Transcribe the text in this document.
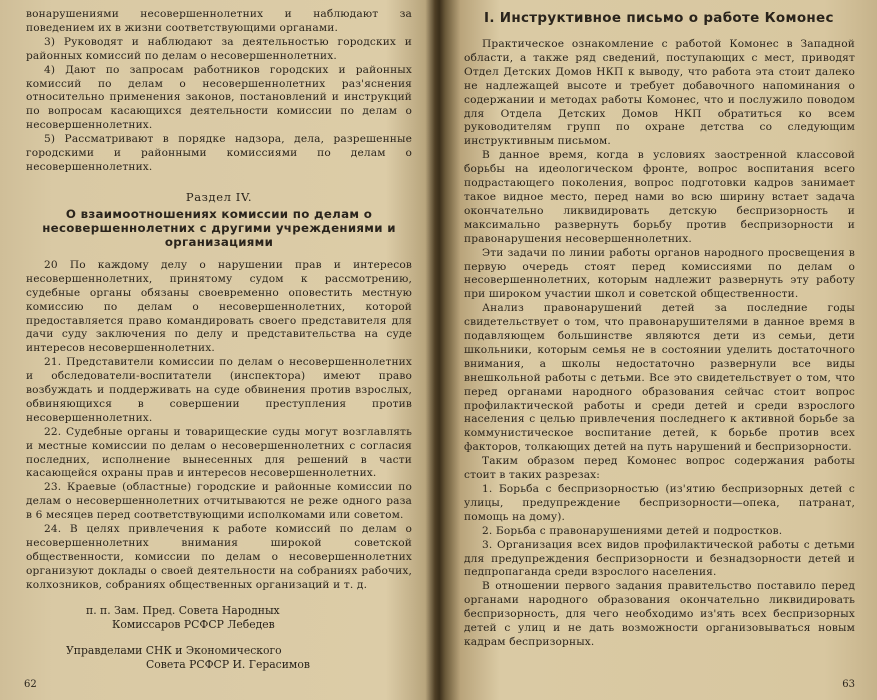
вонарушениями несовершеннолетних и наблюдают за поведением их в жизни соответствующими органами.

3) Руководят и наблюдают за деятельностью городских и районных комиссий по делам о несовершеннолетних.

4) Дают по запросам работников городских и районных комиссий по делам о несовершеннолетних раз'яснения относительно применения законов, постановлений и инструкций по вопросам касающихся деятельности комиссии по делам о несовершеннолетних.

5) Рассматривают в порядке надзора, дела, разрешенные городскими и районными комиссиями по делам о несовершеннолетних.

Раздел IV.
О взаимоотношениях комиссии по делам о несовершеннолетних с другими учреждениями и организациями

20 По каждому делу о нарушении прав и интересов несовершеннолетних, принятому судом к рассмотрению, судебные органы обязаны своевременно оповестить местную комиссию по делам о несовершеннолетних, которой предоставляется право командировать своего представителя для дачи суду заключения по делу и представительства на суде интересов несовершеннолетних.

21. Представители комиссии по делам о несовершеннолетних и обследователи-воспитатели (инспектора) имеют право возбуждать и поддерживать на суде обвинения против взрослых, обвиняющихся в совершении преступления против несовершеннолетних.

22. Судебные органы и товарищеские суды могут возглавлять и местные комиссии по делам о несовершеннолетних с согласия последних, исполнение вынесенных для решений в части касающейся охраны прав и интересов несовершеннолетних.

23. Краевые (областные) городские и районные комиссии по делам о несовершеннолетних отчитываются не реже одного раза в 6 месяцев перед соответствующими исполкомами или советом.

24. В целях привлечения к работе комиссий по делам о несовершеннолетних внимания широкой советской общественности, комиссии по делам о несовершеннолетних организуют доклады о своей деятельности на собраниях рабочих, колхозников, собраниях общественных организаций и т. д.

п. п. Зам. Пред. Совета Народных
Комиссаров РСФСР Лебедев
Управделами СНК и Экономического
Совета РСФСР И. Герасимов
62
I. Инструктивное письмо о работе Комонес

Практическое ознакомление с работой Комонес в Западной области, а также ряд сведений, поступающих с мест, приводят Отдел Детских Домов НКП к выводу, что работа эта стоит далеко не надлежащей высоте и требует добавочного напоминания о содержании и методах работы Комонес, что и послужило поводом для Отдела Детских Домов НКП обратиться ко всем руководителям групп по охране детства со следующим инструктивным письмом.

В данное время, когда в условиях заостренной классовой борьбы на идеологическом фронте, вопрос воспитания всего подрастающего поколения, вопрос подготовки кадров занимает такое видное место, перед нами во всю ширину встает задача окончательно ликвидировать детскую беспризорность и максимально развернуть борьбу против беспризорности и правонарушения несовершеннолетних.

Эти задачи по линии работы органов народного просвещения в первую очередь стоят перед комиссиями по делам о несовершеннолетних, которым надлежит развернуть эту работу при широком участии школ и советской общественности.

Анализ правонарушений детей за последние годы свидетельствует о том, что правонарушителями в данное время в подавляющем большинстве являются дети из семьи, дети школьники, которым семья не в состоянии уделить достаточного внимания, а школы недостаточно развернули все виды внешкольной работы с детьми. Все это свидетельствует о том, что перед органами народного образования сейчас стоит вопрос профилактической работы и среди детей и среди взрослого населения с целью привлечения последнего к активной борьбе за коммунистическое воспитание детей, к борьбе против всех факторов, толкающих детей на путь нарушений и беспризорности.

Таким образом перед Комонес вопрос содержания работы стоит в таких разрезах:

1. Борьба с беспризорностью (из'ятию беспризорных детей с улицы, предупреждение беспризорности—опека, патранат, помощь на дому).

2. Борьба с правонарушениями детей и подростков.

3. Организация всех видов профилактической работы с детьми для предупреждения беспризорности и безнадзорности детей и педпропаганда среди взрослого населения.

В отношении первого задания правительство поставило перед органами народного образования окончательно ликвидировать беспризорность, для чего необходимо из'ять всех беспризорных детей с улиц и не дать возможности организовываться новым кадрам беспризорных.

63
